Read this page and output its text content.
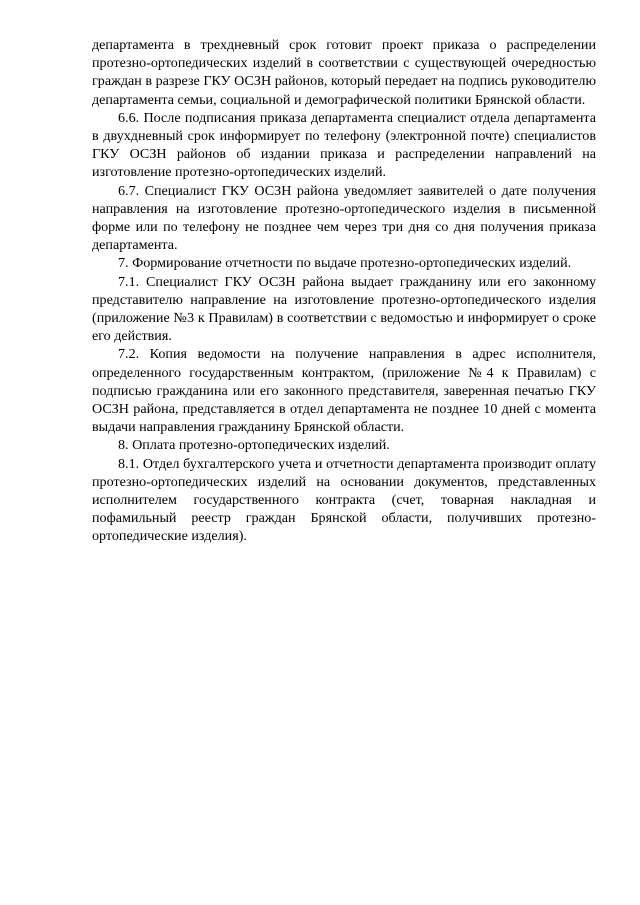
департамента в трехдневный срок готовит проект приказа о распределении протезно-ортопедических изделий в соответствии с существующей очередностью граждан в разрезе ГКУ ОСЗН районов, который передает на подпись руководителю департамента семьи, социальной и демографической политики Брянской области.

6.6. После подписания приказа департамента специалист отдела департамента в двухдневный срок информирует по телефону (электронной почте) специалистов ГКУ ОСЗН районов об издании приказа и распределении направлений на изготовление протезно-ортопедических изделий.

6.7. Специалист ГКУ ОСЗН района уведомляет заявителей о дате получения направления на изготовление протезно-ортопедического изделия в письменной форме или по телефону не позднее чем через три дня со дня получения приказа департамента.

7. Формирование отчетности по выдаче протезно-ортопедических изделий.

7.1. Специалист ГКУ ОСЗН района выдает гражданину или его законному представителю направление на изготовление протезно-ортопедического изделия (приложение №3 к Правилам) в соответствии с ведомостью и информирует о сроке его действия.

7.2. Копия ведомости на получение направления в адрес исполнителя, определенного государственным контрактом, (приложение №4 к Правилам) с подписью гражданина или его законного представителя, заверенная печатью ГКУ ОСЗН района, представляется в отдел департамента не позднее 10 дней с момента выдачи направления гражданину Брянской области.

8. Оплата протезно-ортопедических изделий.

8.1. Отдел бухгалтерского учета и отчетности департамента производит оплату протезно-ортопедических изделий на основании документов, представленных исполнителем государственного контракта (счет, товарная накладная и пофамильный реестр граждан Брянской области, получивших протезно-ортопедические изделия).
